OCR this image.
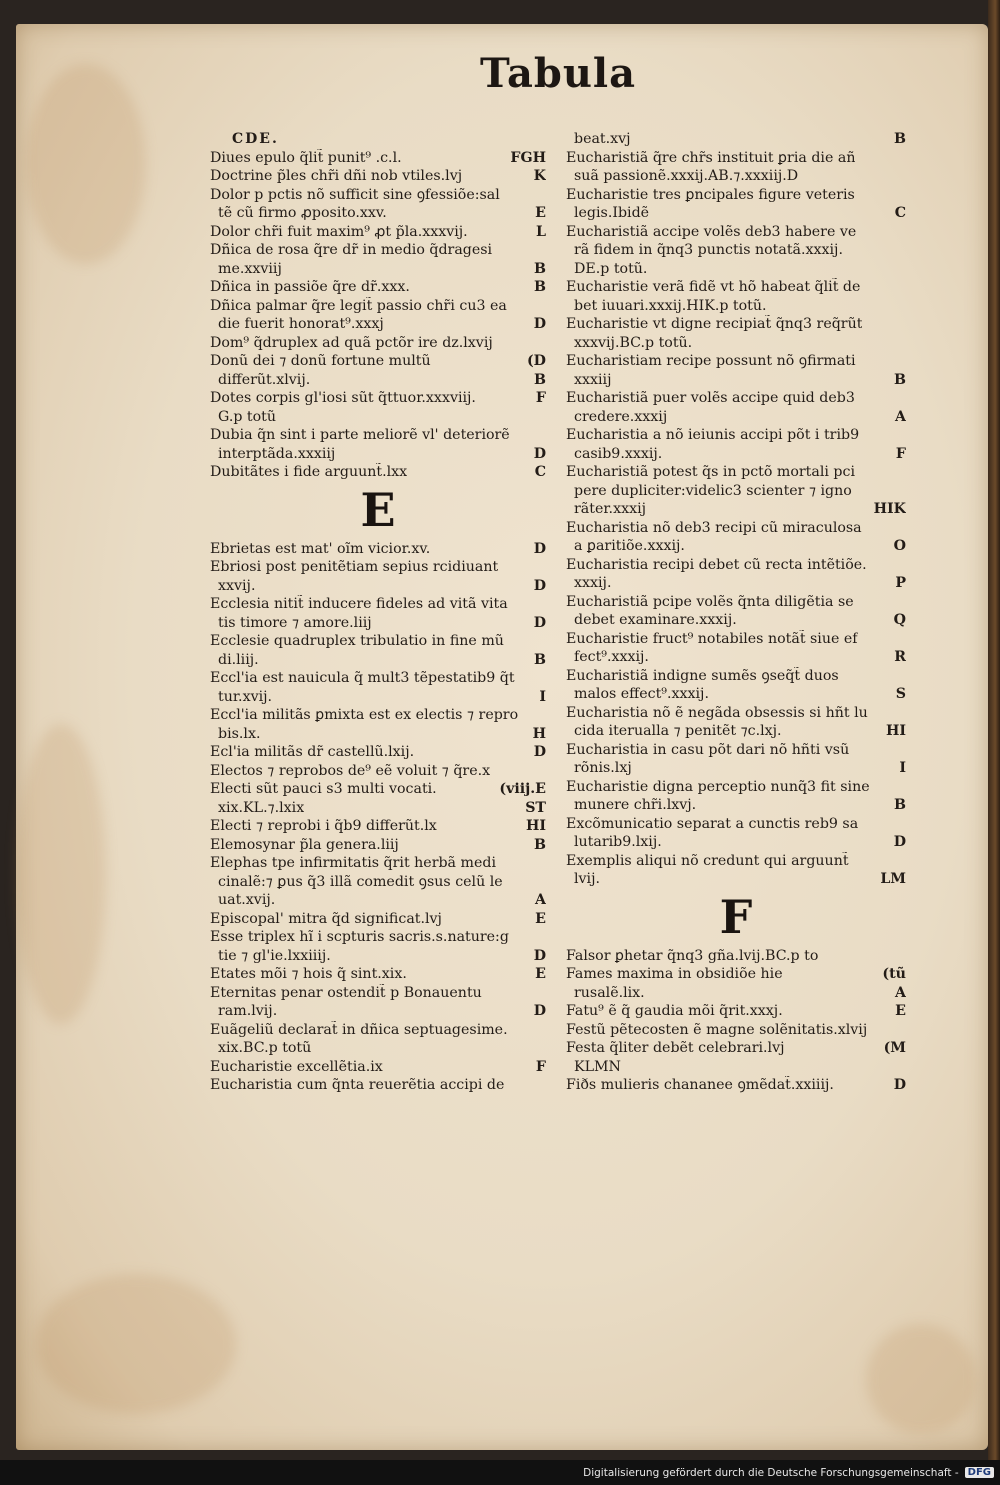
Tabula
CDE.
Diues epulo q̃lit̃ punit⁹ .c.l.	FGH
Doctrine p̃les chr̃i dñi nob vtiles.lvj	K
Dolor p pctis nõ sufficit sine ꝯfessiõe:sal
tẽ cũ firmo ꝓposito.xxv.	E
Dolor chr̃i fuit maxim⁹ ꝓt p̃la.xxxvij.	L
Dñica de rosa q̃re dr̃ in medio q̃dragesi
me.xxviij	B
Dñica in passiõe q̃re dr̃.xxx.	B
Dñica palmar q̃re legit̃ passio chr̃i cu3 ea
die fuerit honorat⁹.xxxj	D
Dom⁹ q̃druplex ad quã pctõr ire dz.lxvij
Donũ dei ⁊ donũ fortune multũ	(D
differũt.xlvij.	B
Dotes corpis gl'iosi sũt q̃ttuor.xxxviij.	F
G.p totũ
Dubia q̃n sint i parte meliorẽ vl' deteriorẽ
interptãda.xxxiij	D
Dubitãtes i fide arguunt̃.lxx	C
E
Ebrietas est mat' oĩm vicior.xv.	D
Ebriosi post penitẽtiam sepius rcidiuant
xxvij.	D
Ecclesia nitit̃ inducere fideles ad vitã vita
tis timore ⁊ amore.liij	D
Ecclesie quadruplex tribulatio in fine mũ
di.liij.	B
Eccl'ia est nauicula q̃ mult3 tẽpestatib9 q̃t
tur.xvij.	I
Eccl'ia militãs ꝑmixta est ex electis ⁊ repro
bis.lx.	H
Ecl'ia militãs dr̃ castellũ.lxij.	D
Electos ⁊ reprobos de⁹ eẽ voluit ⁊ q̃re.x
Electi sũt pauci s3 multi vocati.	(viij.E
xix.KL.⁊.lxix	ST
Electi ⁊ reprobi i q̃b9 differũt.lx	HI
Elemosynar p̃la genera.liij	B
Elephas tpe infirmitatis q̃rit herbã medi
cinalẽ:⁊ ꝑus q̃3 illã comedit ꝯsus celũ le
uat.xvij.	A
Episcopal' mitra q̃d significat.lvj	E
Esse triplex hĩ i scpturis sacris.s.nature:g
tie ⁊ gl'ie.lxxiiij.	D
Etates mõi ⁊ hois q̃ sint.xix.	E
Eternitas penar ostendit̃ p Bonauentu
ram.lvij.	D
Euãgeliũ declarat̃ in dñica septuagesime.
xix.BC.p totũ
Eucharistie excellẽtia.ix	F
Eucharistia cum q̃nta reuerẽtia accipi de
beat.xvj	B
Eucharistiã q̃re chr̃s instituit ꝑria die añ
suã passionẽ.xxxij.AB.⁊.xxxiij.D
Eucharistie tres ꝑncipales figure veteris
legis.Ibidẽ	C
Eucharistiã accipe volẽs deb3 habere ve
rã fidem in q̃nq3 punctis notatã.xxxij.
DE.p totũ.
Eucharistie verã fidẽ vt hõ habeat q̃lit̃ de
bet iuuari.xxxij.HIK.p totũ.
Eucharistie vt digne recipiat̃ q̃nq3 req̃rũt
xxxvij.BC.p totũ.
Eucharistiam recipe possunt nõ ꝯfirmati
xxxiij	B
Eucharistiã puer volẽs accipe quid deb3
credere.xxxij	A
Eucharistia a nõ ieiunis accipi põt i trib9
casib9.xxxij.	F
Eucharistiã potest q̃s in pctõ mortali pci
pere dupliciter:videlic3 scienter ⁊ igno
rãter.xxxij	HIK
Eucharistia nõ deb3 recipi cũ miraculosa
a ꝑaritiõe.xxxij.	O
Eucharistia recipi debet cũ recta intẽtiõe.
xxxij.	P
Eucharistiã pcipe volẽs q̃nta diligẽtia se
debet examinare.xxxij.	Q
Eucharistie fruct⁹ notabiles notãt̃ siue ef
fect⁹.xxxij.	R
Eucharistiã indigne sumẽs ꝯseq̃t̃ duos
malos effect⁹.xxxij.	S
Eucharistia nõ ẽ negãda obsessis si hñt lu
cida iterualla ⁊ penitẽt ⁊c.lxj.	HI
Eucharistia in casu põt dari nõ hñti vsũ
rõnis.lxj	I
Eucharistie digna perceptio nunq̃3 fit sine
munere chr̃i.lxvj.	B
Excõmunicatio separat a cunctis reb9 sa
lutarib9.lxij.	D
Exemplis aliqui nõ credunt qui arguunt̃
lvij.	LM
F
Falsor ꝑhetar q̃nq3 gñа.lvij.BC.p to
Fames maxima in obsidiõe hie	(tũ
rusalẽ.lix.	A
Fatu⁹ ẽ q̃ gaudia mõi q̃rit.xxxj.	E
Festũ pẽtecosten ẽ magne solẽnitatis.xlvij
Festa q̃liter debẽt celebrari.lvj	(M
KLMN
Fiðs mulieris chananee ꝯmẽdat̃.xxiiij.	D
Digitalisierung gefördert durch die Deutsche Forschungsgemeinschaft - DFG
